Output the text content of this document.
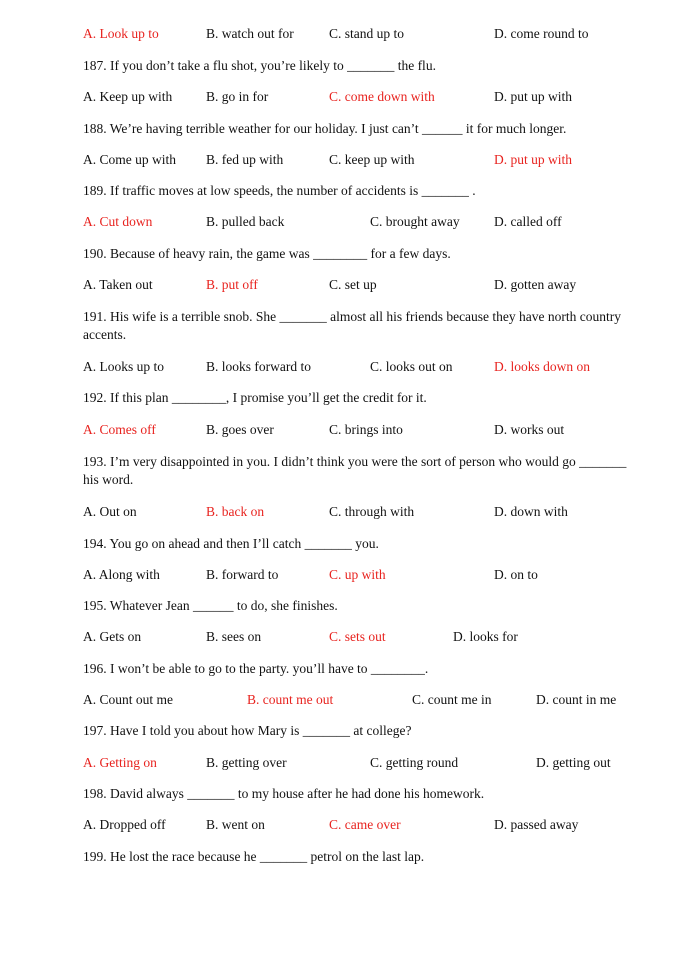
A. Look up to	B. watch out for	C. stand up to	D. come round to
187. If you don’t take a flu shot, you’re likely to _______ the flu.
A. Keep up with	B. go in for	C. come down with	D. put up with
188. We’re having terrible weather for our holiday. I just can’t ______ it for much longer.
A. Come up with B. fed up with	C. keep up with	D. put up with
189. If traffic moves at low speeds, the number of accidents is _______ .
A. Cut down	B. pulled back	C. brought away	D. called off
190. Because of heavy rain, the game was ________ for a few days.
A. Taken out	B. put off	C. set up	D. gotten away
191. His wife is a terrible snob. She _______ almost all his friends because they have north country accents.
A. Looks up to	B. looks forward to	C. looks out on	D. looks down on
192. If this plan ________, I promise you’ll get the credit for it.
A. Comes off	B. goes over	C. brings into	D. works out
193. I’m very disappointed in you. I didn’t think you were the sort of person who would go _______ his word.
A. Out on	B. back on	C. through with	D. down with
194. You go on ahead and then I’ll catch _______ you.
A. Along with	B. forward to	C. up with	D. on to
195. Whatever Jean ______ to do, she finishes.
A. Gets on	B. sees on	C. sets out	D. looks for
196. I won’t be able to go to the party. you’ll have to ________.
A. Count out me	B. count me out	C. count me in	D. count in me
197. Have I told you about how Mary is _______ at college?
A. Getting on	B. getting over	C. getting round	D. getting out
198. David always _______ to my house after he had done his homework.
A. Dropped off	B. went on	C. came over	D. passed away
199. He lost the race because he _______ petrol on the last lap.
